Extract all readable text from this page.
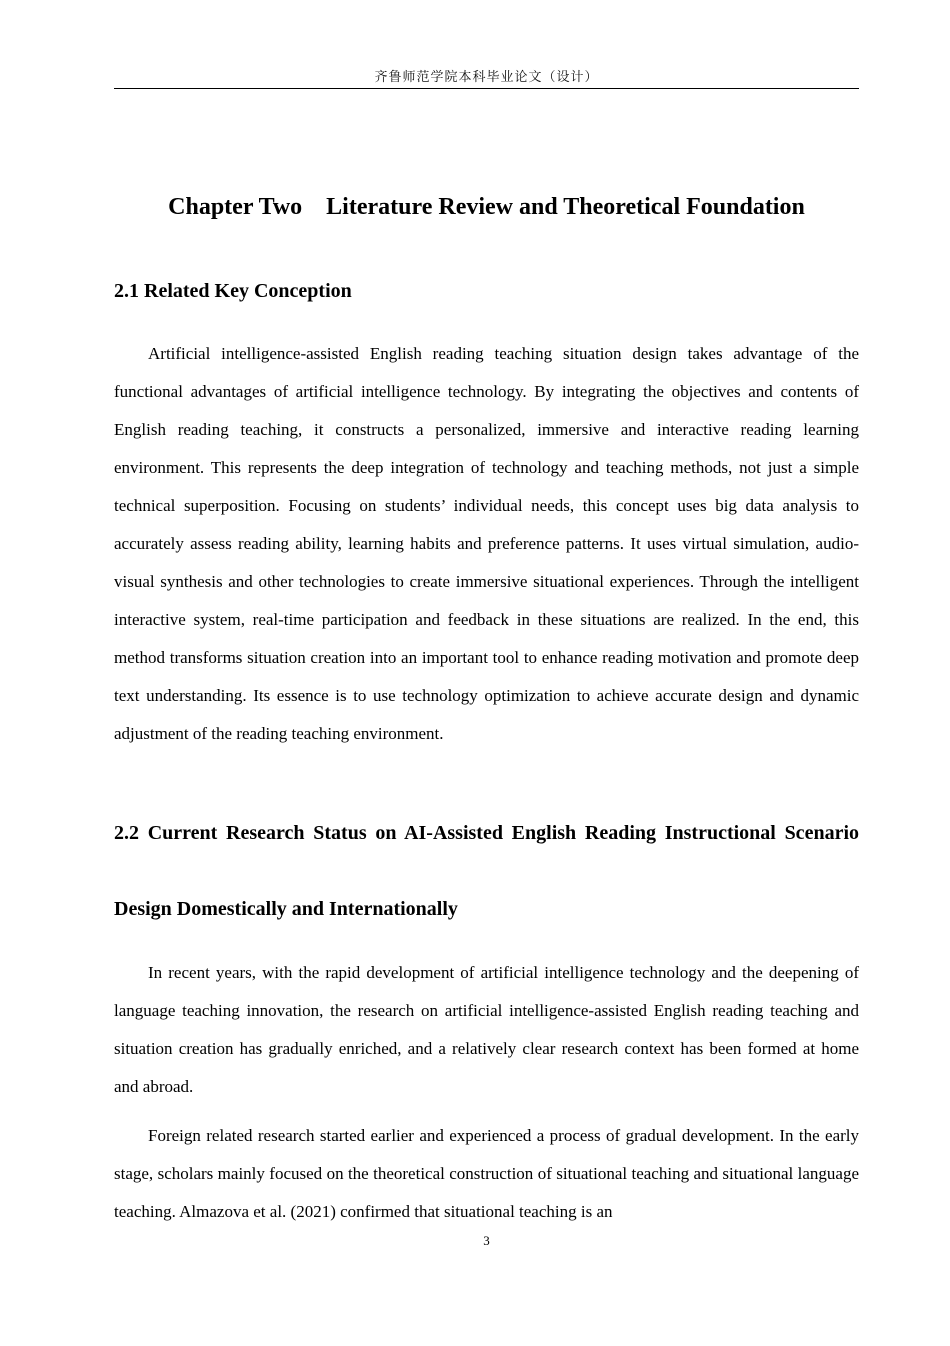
齐鲁师范学院本科毕业论文（设计）
Chapter Two    Literature Review and Theoretical Foundation
2.1 Related Key Conception

Artificial intelligence-assisted English reading teaching situation design takes advantage of the functional advantages of artificial intelligence technology. By integrating the objectives and contents of English reading teaching, it constructs a personalized, immersive and interactive reading learning environment. This represents the deep integration of technology and teaching methods, not just a simple technical superposition. Focusing on students’ individual needs, this concept uses big data analysis to accurately assess reading ability, learning habits and preference patterns. It uses virtual simulation, audio-visual synthesis and other technologies to create immersive situational experiences. Through the intelligent interactive system, real-time participation and feedback in these situations are realized. In the end, this method transforms situation creation into an important tool to enhance reading motivation and promote deep text understanding. Its essence is to use technology optimization to achieve accurate design and dynamic adjustment of the reading teaching environment.

2.2 Current Research Status on AI-Assisted English Reading Instructional Scenario Design Domestically and Internationally

In recent years, with the rapid development of artificial intelligence technology and the deepening of language teaching innovation, the research on artificial intelligence-assisted English reading teaching and situation creation has gradually enriched, and a relatively clear research context has been formed at home and abroad.

Foreign related research started earlier and experienced a process of gradual development. In the early stage, scholars mainly focused on the theoretical construction of situational teaching and situational language teaching. Almazova et al. (2021) confirmed that situational teaching is an

3
